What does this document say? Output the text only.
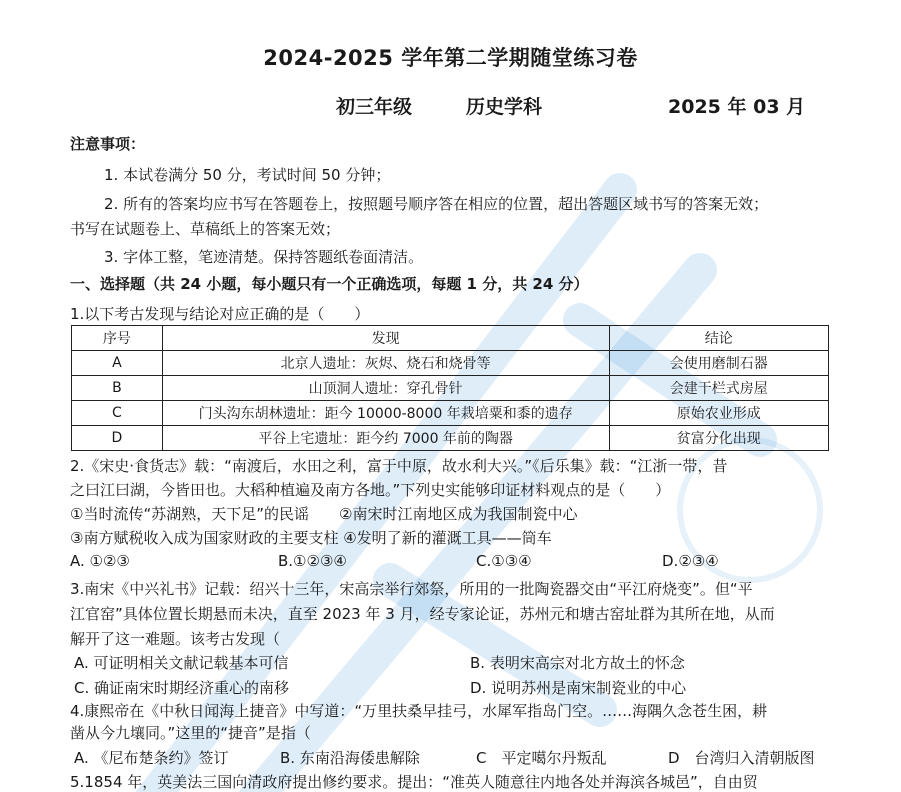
2024-2025 学年第二学期随堂练习卷
初三年级	历史学科	2025 年 03 月
注意事项：
1. 本试卷满分 50 分，考试时间 50 分钟；
2. 所有的答案均应书写在答题卷上，按照题号顺序答在相应的位置，超出答题区域书写的答案无效；
书写在试题卷上、草稿纸上的答案无效；
3. 字体工整，笔迹清楚。保持答题纸卷面清洁。
一、选择题（共 24 小题，每小题只有一个正确选项，每题 1 分，共 24 分）
1.以下考古发现与结论对应正确的是（　　）
序号	发现	结论
A	北京人遗址：灰烬、烧石和烧骨等	会使用磨制石器
B	山顶洞人遗址：穿孔骨针	会建干栏式房屋
C	门头沟东胡林遗址：距今 10000-8000 年栽培粟和黍的遗存	原始农业形成
D	平谷上宅遗址：距今约 7000 年前的陶器	贫富分化出现
2.《宋史·食货志》载：“南渡后，水田之利，富于中原，故水利大兴。”《后乐集》载：“江浙一带，昔
之曰江曰湖，今皆田也。大稻种植遍及南方各地。”下列史实能够印证材料观点的是（　　）
①当时流传“苏湖熟，天下足”的民谣　　②南宋时江南地区成为我国制瓷中心
③南方赋税收入成为国家财政的主要支柱 ④发明了新的灌溉工具——筒车
A. ①②③	B.①②③④	C.①③④	D.②③④
3.南宋《中兴礼书》记载：绍兴十三年，宋高宗举行郊祭，所用的一批陶瓷器交由“平江府烧变”。但“平
江官窑”具体位置长期悬而未决，直至 2023 年 3 月，经专家论证，苏州元和塘古窑址群为其所在地，从而
解开了这一难题。该考古发现（
A. 可证明相关文献记载基本可信	B. 表明宋高宗对北方故土的怀念
C. 确证南宋时期经济重心的南移	D. 说明苏州是南宋制瓷业的中心
4.康熙帝在《中秋日闻海上捷音》中写道：“万里扶桑早挂弓，水犀军指岛门空。……海隅久念苍生困，耕
凿从今九壤同。”这里的“捷音”是指（
A. 《尼布楚条约》签订	B. 东南沿海倭患解除	C　平定噶尔丹叛乱	D　台湾归入清朝版图
5.1854 年，英美法三国向清政府提出修约要求。提出：“准英人随意往内地各处并海滨各城邑”，自由贸
